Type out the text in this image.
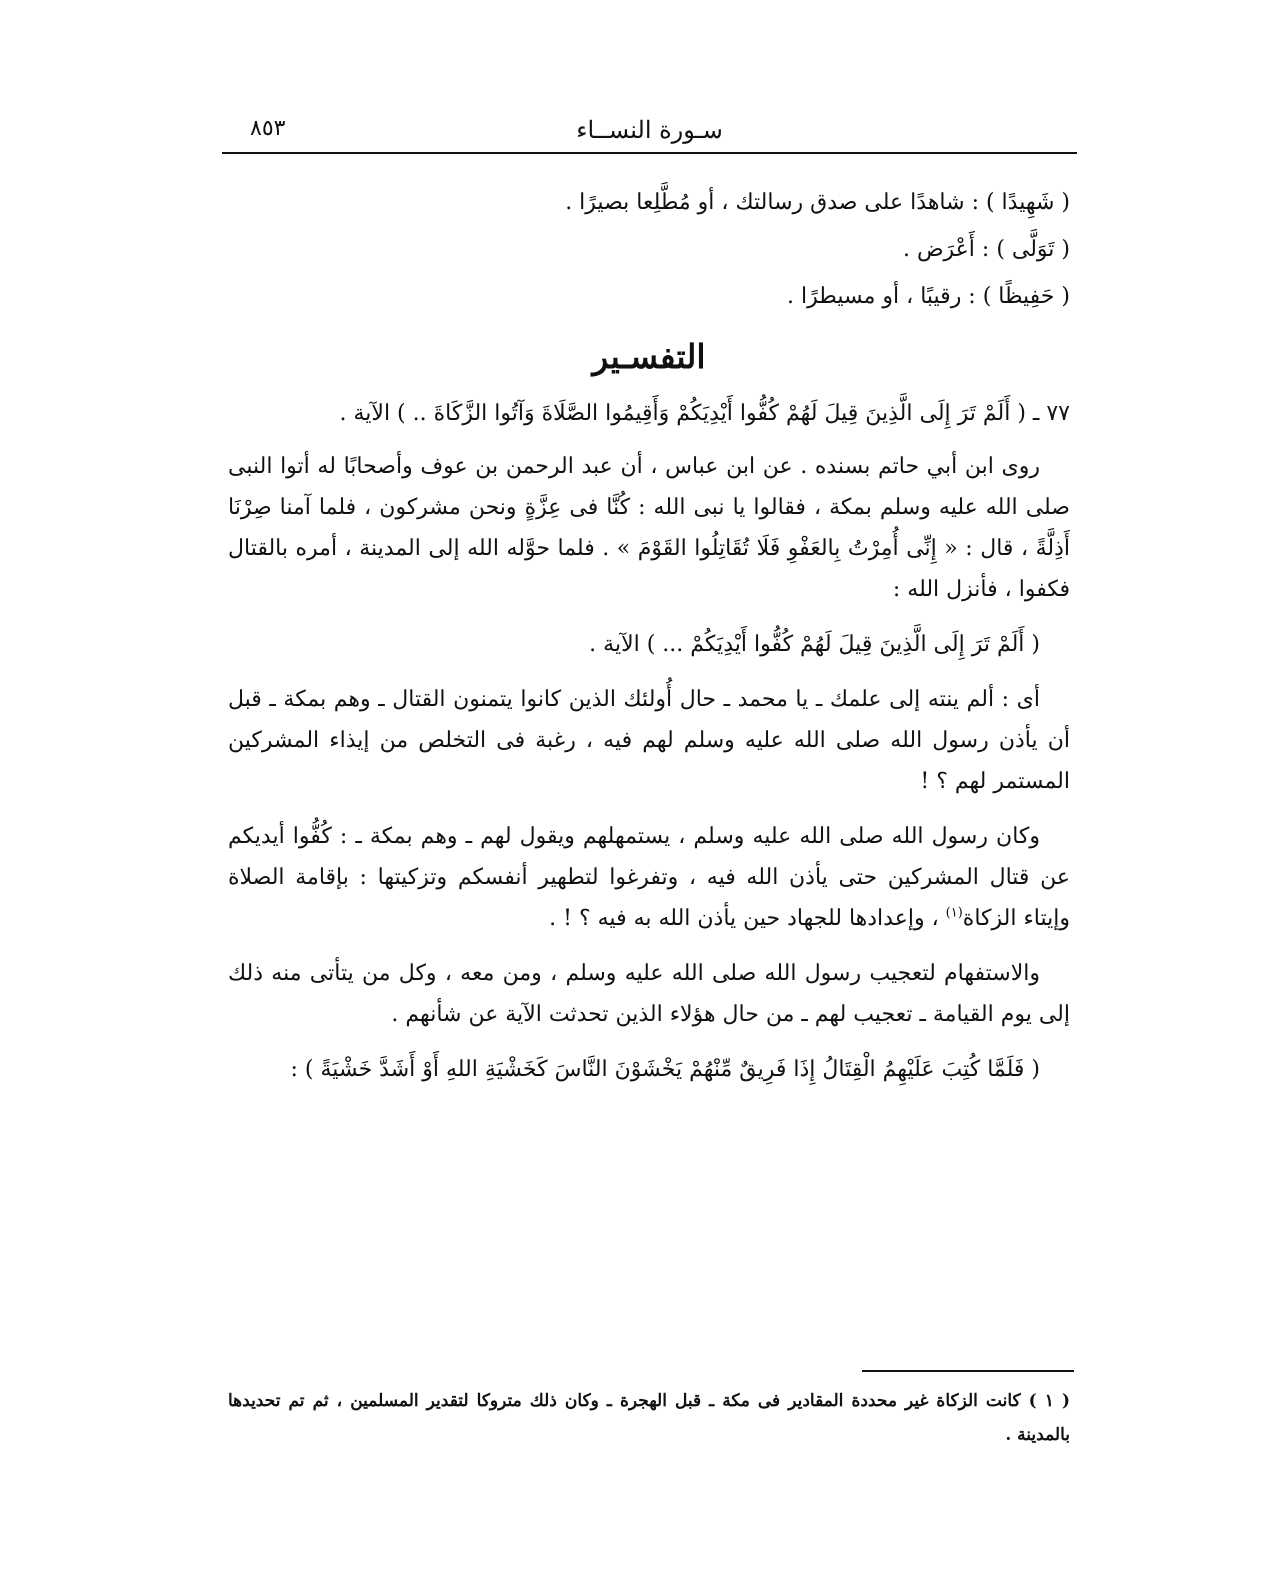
سـورة النســاء
٨٥٣

( شَهِيدًا ) : شاهدًا على صدق رسالتك ، أو مُطَّلِعا بصيرًا .

( تَوَلَّى ) : أَعْرَض .

( حَفِيظًا ) : رقيبًا ، أو مسيطرًا .

التفسـير

٧٧ ـ ( أَلَمْ تَرَ إِلَى الَّذِينَ قِيلَ لَهُمْ كُفُّوا أَيْدِيَكُمْ وَأَقِيمُوا الصَّلَاةَ وَآتُوا الزَّكَاةَ .. ) الآية .

روى ابن أبي حاتم بسنده . عن ابن عباس ، أن عبد الرحمن بن عوف وأصحابًا له أتوا النبى صلى الله عليه وسلم بمكة ، فقالوا يا نبى الله : كُنَّا فى عِزَّةٍ ونحن مشركون ، فلما آمنا صِرْنَا أَذِلَّةً ، قال : « إِنِّى أُمِرْتُ بِالعَفْوِ فَلَا تُقَاتِلُوا القَوْمَ » . فلما حوَّله الله إلى المدينة ، أمره بالقتال فكفوا ، فأنزل الله :

( أَلَمْ تَرَ إِلَى الَّذِينَ قِيلَ لَهُمْ كُفُّوا أَيْدِيَكُمْ ... ) الآية .

أى : ألم ينته إلى علمك ـ يا محمد ـ حال أُولئك الذين كانوا يتمنون القتال ـ وهم بمكة ـ قبل أن يأذن رسول الله صلى الله عليه وسلم لهم فيه ، رغبة فى التخلص من إيذاء المشركين المستمر لهم ؟ !

وكان رسول الله صلى الله عليه وسلم ، يستمهلهم ويقول لهم ـ وهم بمكة ـ : كُفُّوا أيديكم عن قتال المشركين حتى يأذن الله فيه ، وتفرغوا لتطهير أنفسكم وتزكيتها : بإقامة الصلاة وإيتاء الزكاة$^{(١)}$ ، وإعدادها للجهاد حين يأذن الله به فيه ؟ ! .

والاستفهام لتعجيب رسول الله صلى الله عليه وسلم ، ومن معه ، وكل من يتأتى منه ذلك إلى يوم القيامة ـ تعجيب لهم ـ من حال هؤلاء الذين تحدثت الآية عن شأنهم .

( فَلَمَّا كُتِبَ عَلَيْهِمُ الْقِتَالُ إِذَا فَرِيقٌ مِّنْهُمْ يَخْشَوْنَ النَّاسَ كَخَشْيَةِ اللهِ أَوْ أَشَدَّ خَشْيَةً ) :

( ١ ) كانت الزكاة غير محددة المقادير فى مكة ـ قبل الهجرة ـ وكان ذلك متروكا لتقدير المسلمين ، ثم تم تحديدها بالمدينة .
